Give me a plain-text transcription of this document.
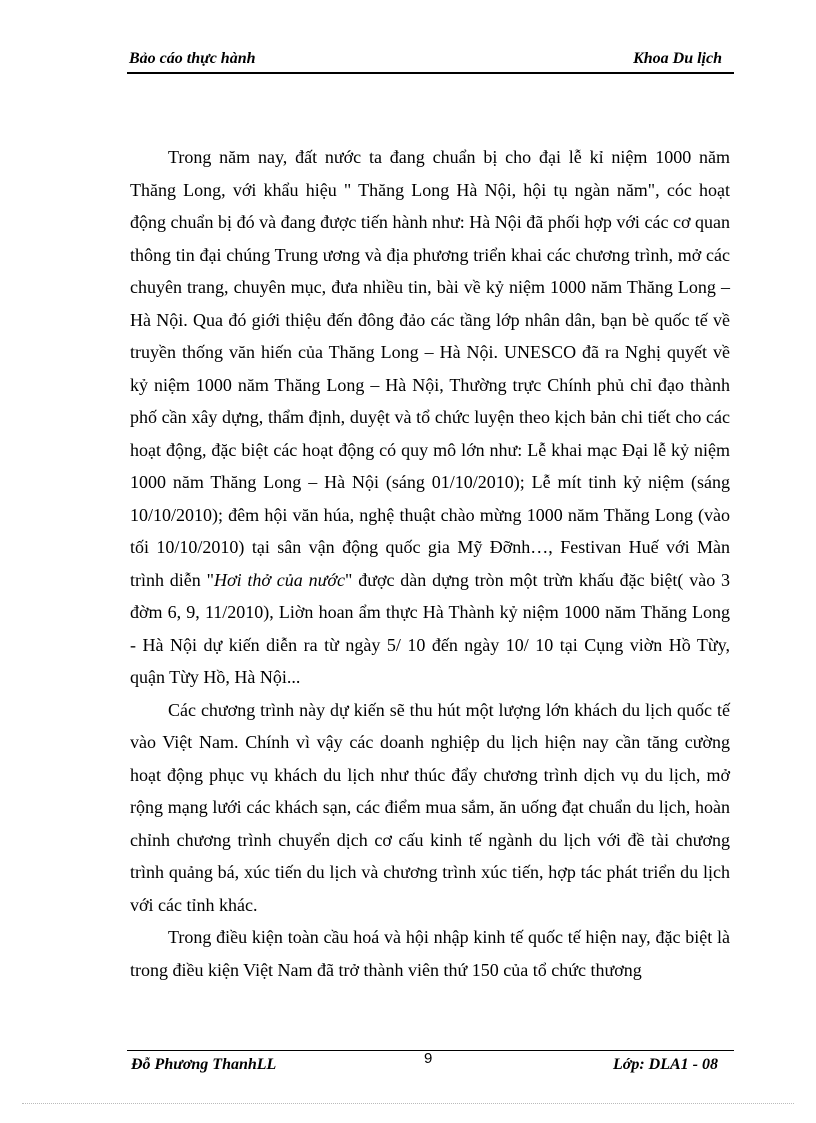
Bảo cáo thực hành	Khoa Du lịch

Trong năm nay, đất nước ta đang chuẩn bị cho đại lễ kỉ niệm 1000 năm Thăng Long, với khẩu hiệu " Thăng Long Hà Nội, hội tụ ngàn năm", cóc hoạt động chuẩn bị đó và đang được tiến hành như: Hà Nội đã phối hợp với các cơ quan thông tin đại chúng Trung ương và địa phương triển khai các chương trình, mở các chuyên trang, chuyên mục, đưa nhiều tin, bài về kỷ niệm 1000 năm Thăng Long – Hà Nội. Qua đó giới thiệu đến đông đảo các tầng lớp nhân dân, bạn bè quốc tế về truyền thống văn hiến của Thăng Long – Hà Nội. UNESCO đã ra Nghị quyết về kỷ niệm 1000 năm Thăng Long – Hà Nội, Thường trực Chính phủ chỉ đạo thành phố cần xây dựng, thẩm định, duyệt và tổ chức luyện theo kịch bản chi tiết cho các hoạt động, đặc biệt các hoạt động có quy mô lớn như: Lễ khai mạc Đại lễ kỷ niệm 1000 năm Thăng Long – Hà Nội (sáng 01/10/2010); Lễ mít tinh kỷ niệm (sáng 10/10/2010); đêm hội văn húa, nghệ thuật chào mừng 1000 năm Thăng Long (vào tối 10/10/2010) tại sân vận động quốc gia Mỹ Đỡnh…, Festivan Huế với Màn trình diễn "Hơi thở của nước" được dàn dựng tròn một trừn khấu đặc biệt( vào 3 đờm 6, 9, 11/2010), Liờn hoan ẩm thực Hà Thành kỷ niệm 1000 năm Thăng Long - Hà Nội dự kiến diễn ra từ ngày 5/ 10 đến ngày 10/ 10 tại Cụng viờn Hồ Từy, quận Từy Hồ, Hà Nội...

Các chương trình này dự kiến sẽ thu hút một lượng lớn khách du lịch quốc tế vào Việt Nam. Chính vì vậy các doanh nghiệp du lịch hiện nay cần tăng cường hoạt động phục vụ khách du lịch như thúc đẩy chương trình dịch vụ du lịch, mở rộng mạng lưới các khách sạn, các điểm mua sắm, ăn uống đạt chuẩn du lịch, hoàn chỉnh chương trình chuyển dịch cơ cấu kinh tế ngành du lịch với đề tài chương trình quảng bá, xúc tiến du lịch và chương trình xúc tiến, hợp tác phát triển du lịch với các tỉnh khác.

Trong điều kiện toàn cầu hoá và hội nhập kinh tế quốc tế hiện nay, đặc biệt là trong điều kiện Việt Nam đã trở thành viên thứ 150 của tổ chức thương

Đỗ Phương ThanhLL	9	Lớp: DLA1 - 08
